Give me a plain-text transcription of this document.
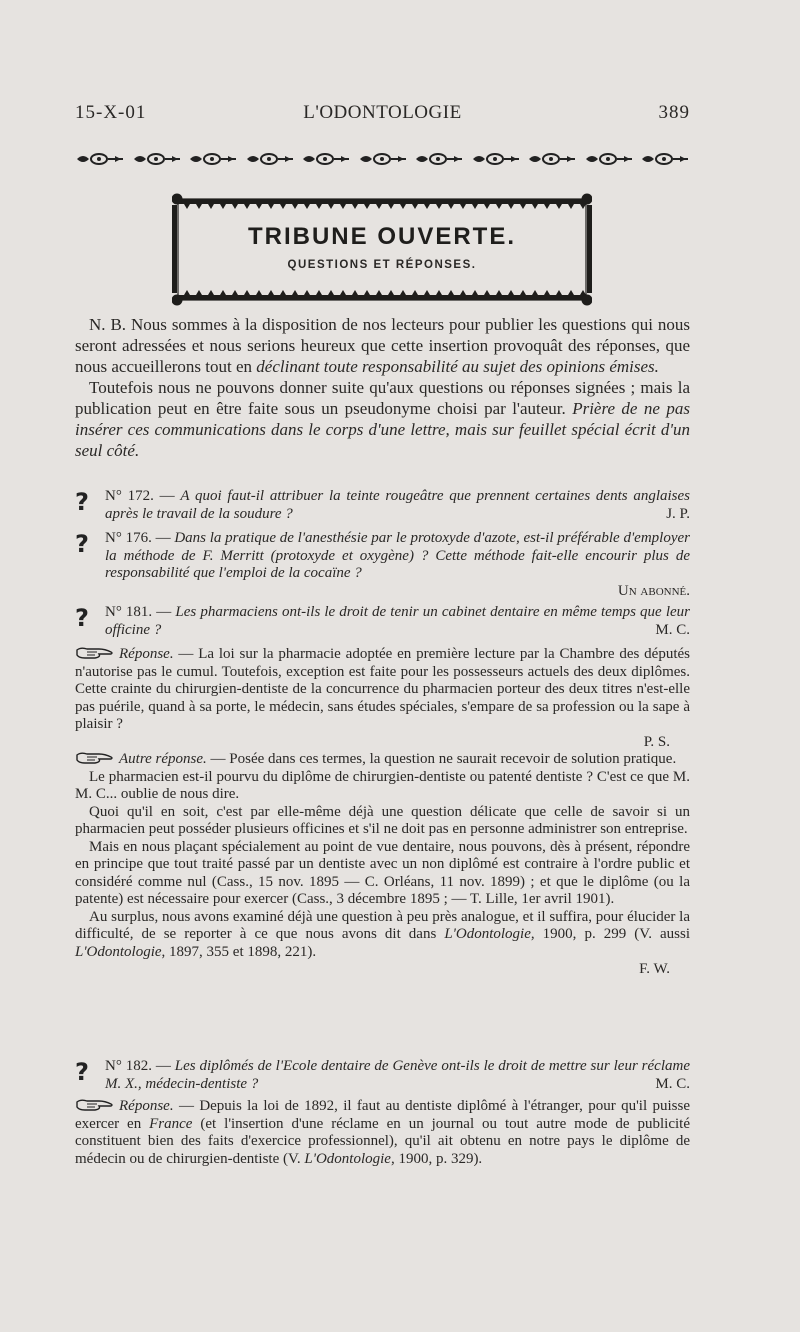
15-X-01	L'ODONTOLOGIE	389
TRIBUNE OUVERTE.
QUESTIONS ET RÉPONSES.

N. B. Nous sommes à la disposition de nos lecteurs pour publier les questions qui nous seront adressées et nous serions heureux que cette insertion provoquât des réponses, que nous accueillerons tout en déclinant toute responsabilité au sujet des opinions émises.

Toutefois nous ne pouvons donner suite qu'aux questions ou réponses signées ; mais la publication peut en être faite sous un pseudonyme choisi par l'auteur. Prière de ne pas insérer ces communications dans le corps d'une lettre, mais sur feuillet spécial écrit d'un seul côté.

? N° 172. — A quoi faut-il attribuer la teinte rougeâtre que prennent certaines dents anglaises après le travail de la soudure ?	J. P.
? N° 176. — Dans la pratique de l'anesthésie par le protoxyde d'azote, est-il préférable d'employer la méthode de F. Merritt (protoxyde et oxygène) ? Cette méthode fait-elle encourir plus de responsabilité que l'emploi de la cocaïne ?
Un abonné.
? N° 181. — Les pharmaciens ont-ils le droit de tenir un cabinet dentaire en même temps que leur officine ?	M. C.

Réponse. — La loi sur la pharmacie adoptée en première lecture par la Chambre des députés n'autorise pas le cumul. Toutefois, exception est faite pour les possesseurs actuels des deux diplômes. Cette crainte du chirurgien-dentiste de la concurrence du pharmacien porteur des deux titres n'est-elle pas puérile, quand à sa porte, le médecin, sans études spéciales, s'empare de sa profession ou la sape à plaisir ?

P. S.

Autre réponse. — Posée dans ces termes, la question ne saurait recevoir de solution pratique.

Le pharmacien est-il pourvu du diplôme de chirurgien-dentiste ou patenté dentiste ? C'est ce que M. M. C... oublie de nous dire.

Quoi qu'il en soit, c'est par elle-même déjà une question délicate que celle de savoir si un pharmacien peut posséder plusieurs officines et s'il ne doit pas en personne administrer son entreprise.

Mais en nous plaçant spécialement au point de vue dentaire, nous pouvons, dès à présent, répondre en principe que tout traité passé par un dentiste avec un non diplômé est contraire à l'ordre public et considéré comme nul (Cass., 15 nov. 1895 — C. Orléans, 11 nov. 1899) ; et que le diplôme (ou la patente) est nécessaire pour exercer (Cass., 3 décembre 1895 ; — T. Lille, 1er avril 1901).

Au surplus, nous avons examiné déjà une question à peu près analogue, et il suffira, pour élucider la difficulté, de se reporter à ce que nous avons dit dans L'Odontologie, 1900, p. 299 (V. aussi L'Odontologie, 1897, 355 et 1898, 221).

F. W.
? N° 182. — Les diplômés de l'Ecole dentaire de Genève ont-ils le droit de mettre sur leur réclame M. X., médecin-dentiste ?	M. C.

Réponse. — Depuis la loi de 1892, il faut au dentiste diplômé à l'étranger, pour qu'il puisse exercer en France (et l'insertion d'une réclame en un journal ou tout autre mode de publicité constituent bien des faits d'exercice professionnel), qu'il ait obtenu en notre pays le diplôme de médecin ou de chirurgien-dentiste (V. L'Odontologie, 1900, p. 329).
